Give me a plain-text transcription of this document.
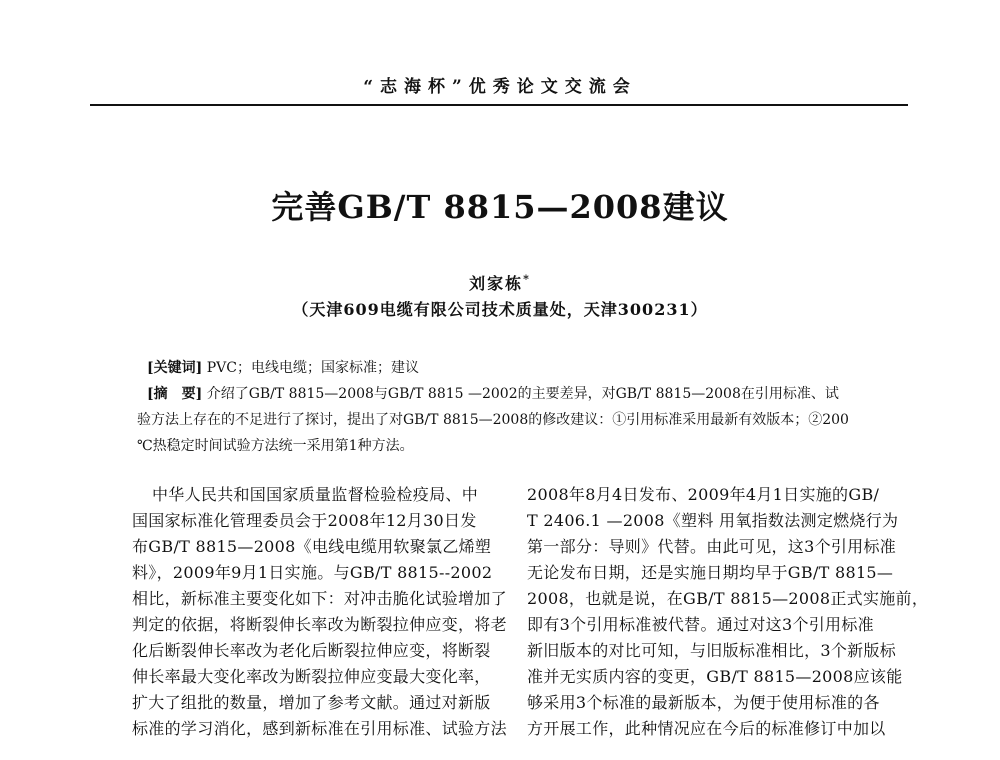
“志海杯”优秀论文交流会
完善GB/T 8815—2008建议
刘家栋*
（天津609电缆有限公司技术质量处，天津300231）
[关键词] PVC；电线电缆；国家标准；建议
[摘　要] 介绍了GB/T 8815—2008与GB/T 8815 —2002的主要差异，对GB/T 8815—2008在引用标准、试
验方法上存在的不足进行了探讨，提出了对GB/T 8815—2008的修改建议：①引用标准采用最新有效版本；②200
℃热稳定时间试验方法统一采用第1种方法。
中华人民共和国国家质量监督检验检疫局、中
国国家标准化管理委员会于2008年12月30日发
布GB/T 8815—2008《电线电缆用软聚氯乙烯塑
料》，2009年9月1日实施。与GB/T 8815--2002
相比，新标准主要变化如下：对冲击脆化试验增加了
判定的依据，将断裂伸长率改为断裂拉伸应变，将老
化后断裂伸长率改为老化后断裂拉伸应变，将断裂
伸长率最大变化率改为断裂拉伸应变最大变化率，
扩大了组批的数量，增加了参考文献。通过对新版
标准的学习消化，感到新标准在引用标准、试验方法
2008年8月4日发布、2009年4月1日实施的GB/
T 2406.1 —2008《塑料 用氧指数法测定燃烧行为
第一部分：导则》代替。由此可见，这3个引用标准
无论发布日期，还是实施日期均早于GB/T 8815—
2008，也就是说，在GB/T 8815—2008正式实施前，
即有3个引用标准被代替。通过对这3个引用标准
新旧版本的对比可知，与旧版标准相比，3个新版标
准并无实质内容的变更，GB/T 8815—2008应该能
够采用3个标准的最新版本，为便于使用标准的各
方开展工作，此种情况应在今后的标准修订中加以
